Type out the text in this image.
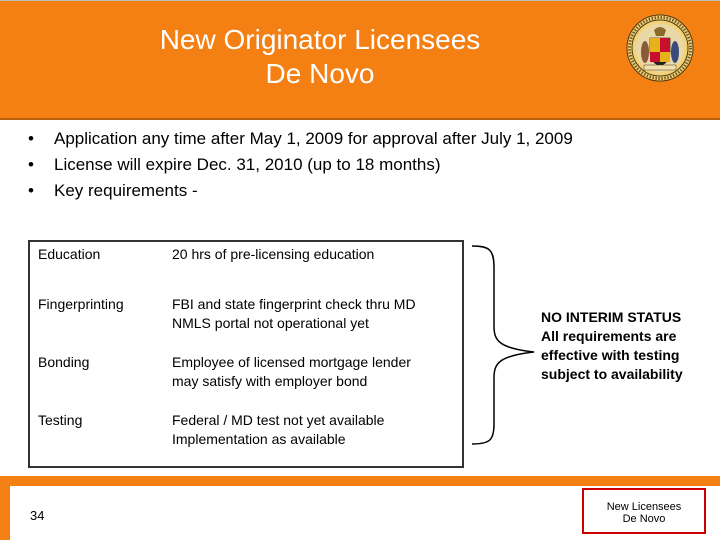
New Originator Licensees
De Novo
• Application any time after May 1, 2009 for approval after July 1, 2009
• License will expire Dec. 31, 2010 (up to 18 months)
• Key requirements -
Education	20 hrs of pre-licensing education

Fingerprinting	FBI and state fingerprint check thru MD
NMLS portal not operational yet

Bonding	Employee of licensed mortgage lender
may satisfy with employer bond

Testing	Federal / MD test not yet available
Implementation as available
NO INTERIM STATUS
All requirements are
effective with testing
subject to availability
34
New Licensees
De Novo
